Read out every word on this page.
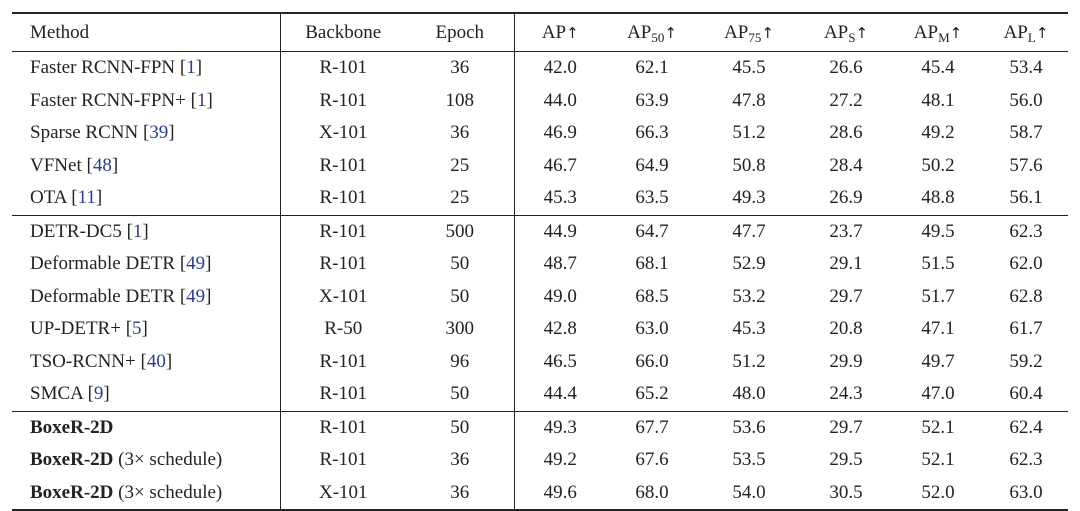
Method	Backbone	Epoch	AP↑	$AP_{50}↑$	$AP_{75}↑$	$AP_S↑$	$AP_M↑$	$AP_L↑$
Faster RCNN-FPN [1]	R-101	36	42.0	62.1	45.5	26.6	45.4	53.4
Faster RCNN-FPN+ [1]	R-101	108	44.0	63.9	47.8	27.2	48.1	56.0
Sparse RCNN [39]	X-101	36	46.9	66.3	51.2	28.6	49.2	58.7
VFNet [48]	R-101	25	46.7	64.9	50.8	28.4	50.2	57.6
OTA [11]	R-101	25	45.3	63.5	49.3	26.9	48.8	56.1
DETR-DC5 [1]	R-101	500	44.9	64.7	47.7	23.7	49.5	62.3
Deformable DETR [49]	R-101	50	48.7	68.1	52.9	29.1	51.5	62.0
Deformable DETR [49]	X-101	50	49.0	68.5	53.2	29.7	51.7	62.8
UP-DETR+ [5]	R-50	300	42.8	63.0	45.3	20.8	47.1	61.7
TSO-RCNN+ [40]	R-101	96	46.5	66.0	51.2	29.9	49.7	59.2
SMCA [9]	R-101	50	44.4	65.2	48.0	24.3	47.0	60.4
BoxeR-2D	R-101	50	49.3	67.7	53.6	29.7	52.1	62.4
BoxeR-2D (3× schedule)	R-101	36	49.2	67.6	53.5	29.5	52.1	62.3
BoxeR-2D (3× schedule)	X-101	36	49.6	68.0	54.0	30.5	52.0	63.0
